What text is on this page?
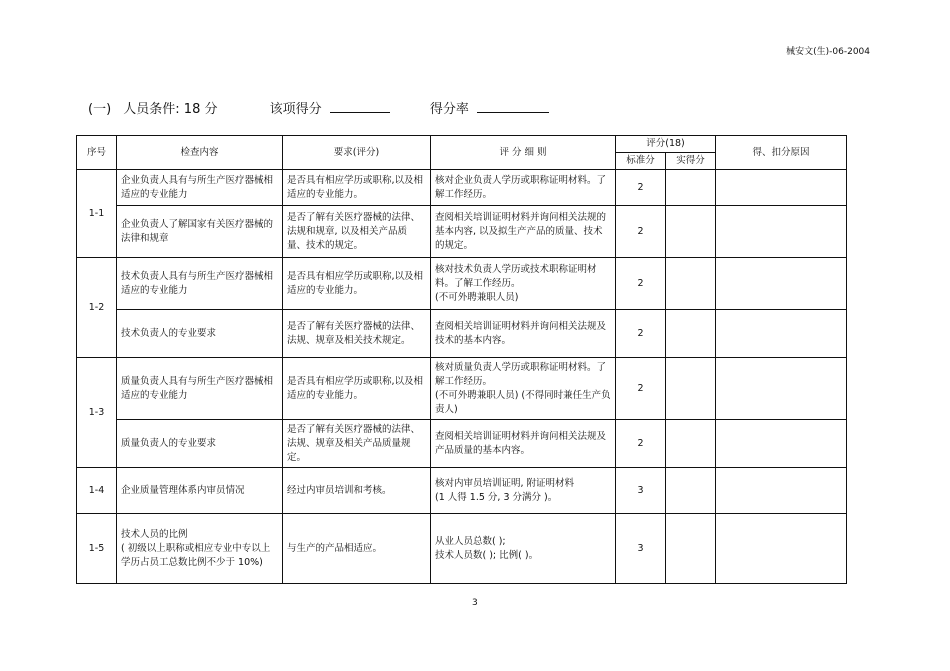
械安文(生)-06-2004
(一) 人员条件: 18 分	该项得分	得分率
序号	检查内容	要求(评分)	评 分 细 则	评分(18)		得、扣分原因
				标准分	实得分	
1-1	企业负责人具有与所生产医疗器械相适应的专业能力	是否具有相应学历或职称,以及相适应的专业能力。	核对企业负责人学历或职称证明材料。了解工作经历。	2		
	企业负责人了解国家有关医疗器械的法律和规章	是否了解有关医疗器械的法律、法规和规章, 以及相关产品质量、技术的规定。	查阅相关培训证明材料并询问相关法规的基本内容, 以及拟生产产品的质量、技术的规定。	2		
1-2	技术负责人具有与所生产医疗器械相适应的专业能力	是否具有相应学历或职称,以及相适应的专业能力。	核对技术负责人学历或技术职称证明材料。了解工作经历。
(不可外聘兼职人员)	2		
	技术负责人的专业要求	是否了解有关医疗器械的法律、法规、规章及相关技术规定。	查阅相关培训证明材料并询问相关法规及技术的基本内容。	2		
1-3	质量负责人具有与所生产医疗器械相适应的专业能力	是否具有相应学历或职称,以及相适应的专业能力。	核对质量负责人学历或职称证明材料。了解工作经历。
(不可外聘兼职人员) (不得同时兼任生产负责人)	2		
	质量负责人的专业要求	是否了解有关医疗器械的法律、法规、规章及相关产品质量规定。	查阅相关培训证明材料并询问相关法规及产品质量的基本内容。	2		
1-4	企业质量管理体系内审员情况	经过内审员培训和考核。	核对内审员培训证明, 附证明材料
(1 人得 1.5 分, 3 分满分 )。	3		
1-5	技术人员的比例
( 初级以上职称或相应专业中专以上学历占员工总数比例不少于 10%)	与生产的产品相适应。	从业人员总数( );
技术人员数( ); 比例( )。	3		
3
